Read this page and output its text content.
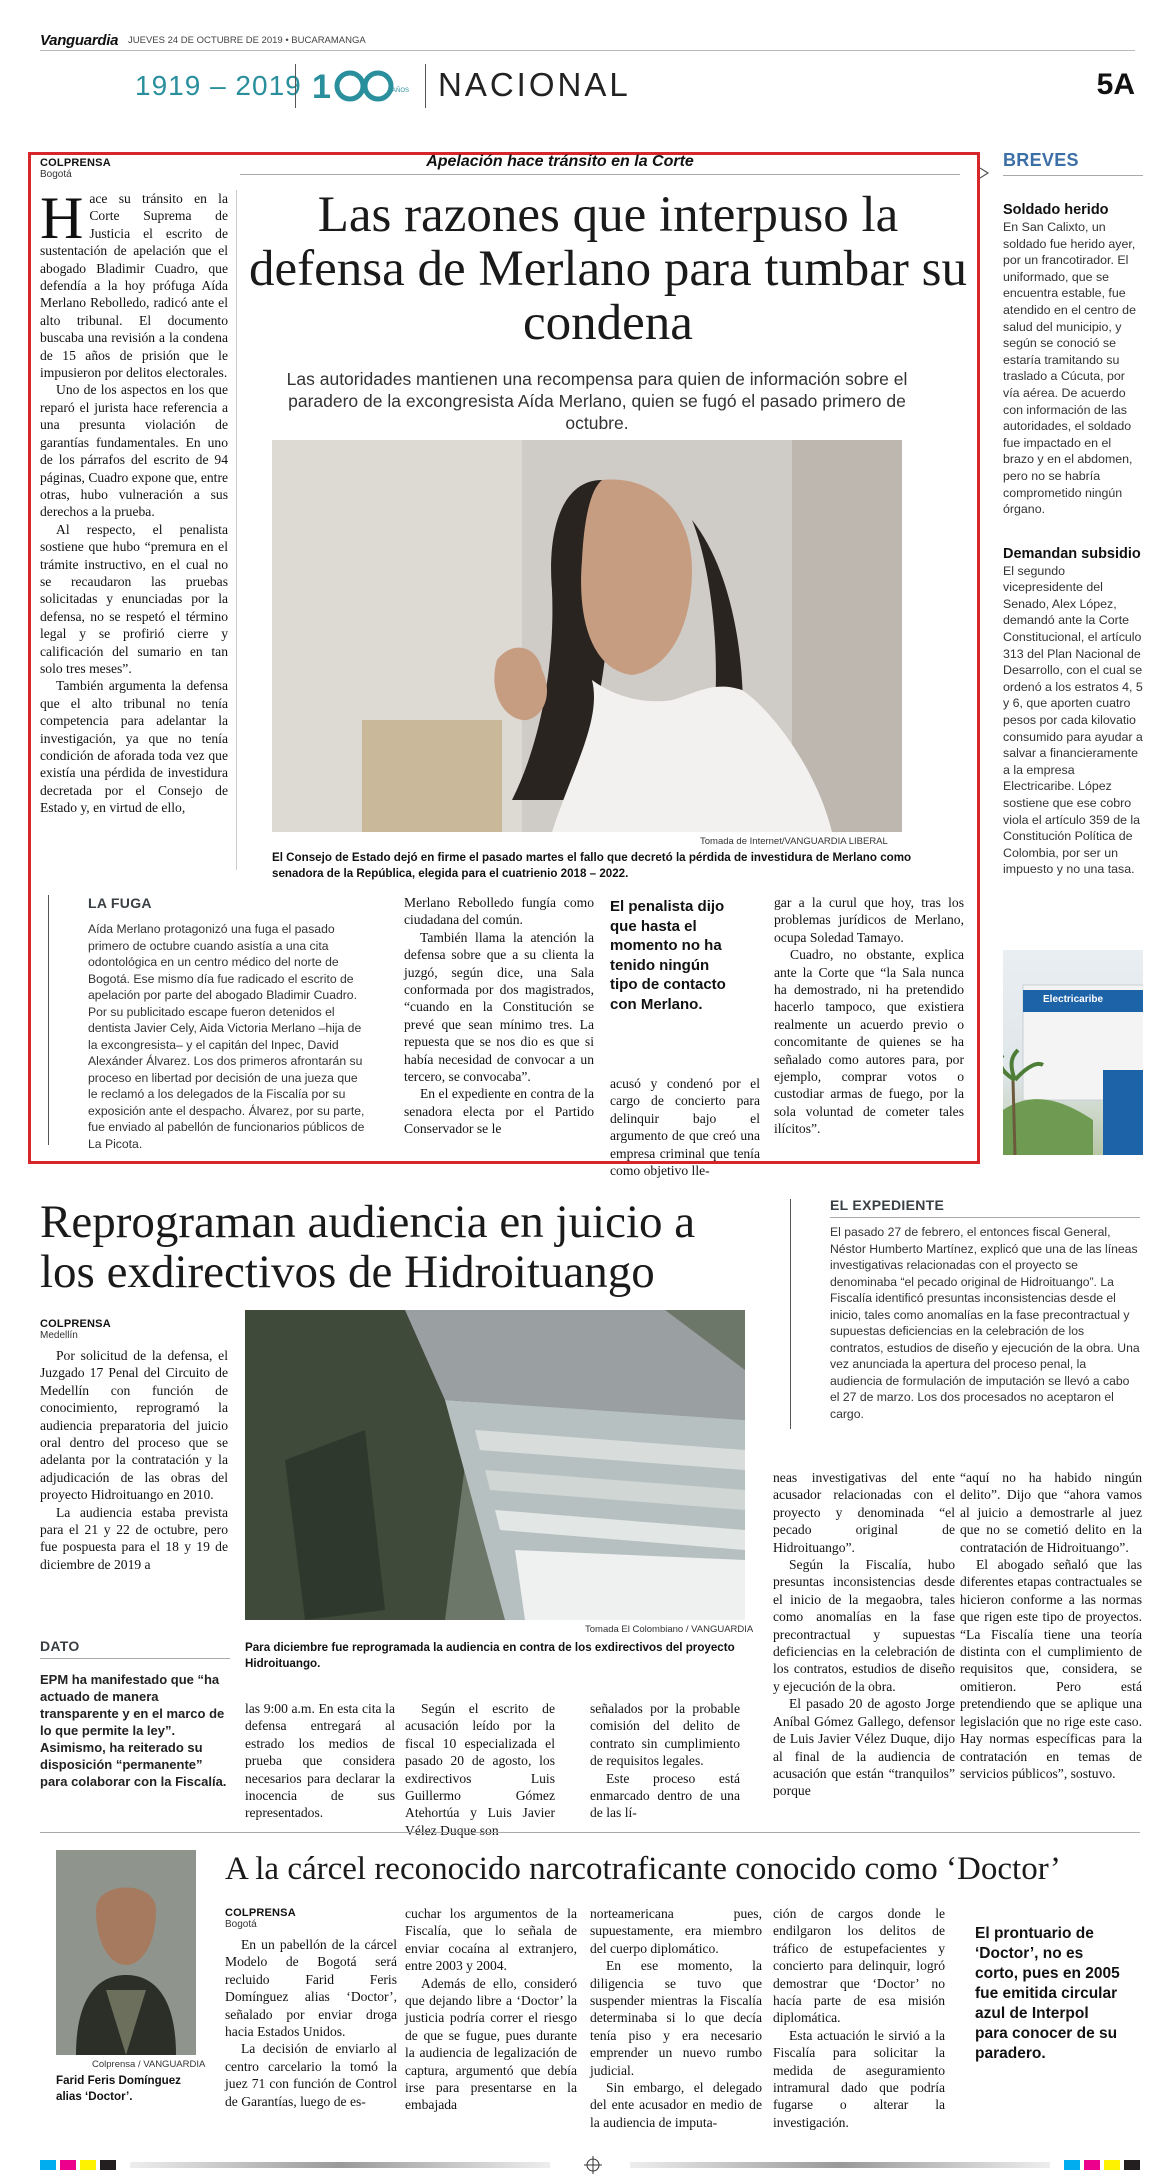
Vanguardia JUEVES 24 DE OCTUBRE DE 2019 • BUCARAMANGA
1919 – 2019 1	AÑOS NACIONAL	5A
COLPRENSA
Bogotá
Apelación hace tránsito en la Corte
Las razones que interpuso la defensa de Merlano para tumbar su condena
Las autoridades mantienen una recompensa para quien de información sobre el paradero de la excongresista Aída Merlano, quien se fugó el pasado primero de octubre.

Hace su tránsito en la Corte Suprema de Justicia el escrito de sustentación de apelación que el abogado Bladimir Cuadro, que defendía a la hoy prófuga Aída Merlano Rebolledo, radicó ante el alto tribunal. El documento buscaba una revisión a la condena de 15 años de prisión que le impusieron por delitos electorales.

Uno de los aspectos en los que reparó el jurista hace referencia a una presunta violación de garantías fundamentales. En uno de los párrafos del escrito de 94 páginas, Cuadro expone que, entre otras, hubo vulneración a sus derechos a la prueba.

Al respecto, el penalista sostiene que hubo “premura en el trámite instructivo, en el cual no se recaudaron las pruebas solicitadas y enunciadas por la defensa, no se respetó el término legal y se profirió cierre y calificación del sumario en tan solo tres meses”.

También argumenta la defensa que el alto tribunal no tenía competencia para adelantar la investigación, ya que no tenía condición de aforada toda vez que existía una pérdida de investidura decretada por el Consejo de Estado y, en virtud de ello,

Tomada de Internet/VANGUARDIA LIBERAL
El Consejo de Estado dejó en firme el pasado martes el fallo que decretó la pérdida de investidura de Merlano como senadora de la República, elegida para el cuatrienio 2018 – 2022.
LA FUGA
Aída Merlano protagonizó una fuga el pasado primero de octubre cuando asistía a una cita odontológica en un centro médico del norte de Bogotá. Ese mismo día fue radicado el escrito de apelación por parte del abogado Bladimir Cuadro.
Por su publicitado escape fueron detenidos el dentista Javier Cely, Aida Victoria Merlano –hija de la excongresista– y el capitán del Inpec, David Alexánder Álvarez. Los dos primeros afrontarán su proceso en libertad por decisión de una jueza que le reclamó a los delegados de la Fiscalía por su exposición ante el despacho. Álvarez, por su parte, fue enviado al pabellón de funcionarios públicos de La Picota.

Merlano Rebolledo fungía como ciudadana del común.

También llama la atención la defensa sobre que a su clienta la juzgó, según dice, una Sala conformada por dos magistrados, “cuando en la Constitución se prevé que sean mínimo tres. La repuesta que se nos dio es que si había necesidad de convocar a un tercero, se convocaba”.

En el expediente en contra de la senadora electa por el Partido Conservador se le

El penalista dijo que hasta el momento no ha tenido ningún tipo de contacto con Merlano.
acusó y condenó por el cargo de concierto para delinquir bajo el argumento de que creó una empresa criminal que tenía como objetivo lle-

gar a la curul que hoy, tras los problemas jurídicos de Merlano, ocupa Soledad Tamayo.

Cuadro, no obstante, explica ante la Corte que “la Sala nunca ha demostrado, ni ha pretendido hacerlo tampoco, que existiera realmente un acuerdo previo o concomitante de quienes se ha señalado como autores para, por ejemplo, comprar votos o custodiar armas de fuego, por la sola voluntad de cometer tales ilícitos”.

BREVES
Soldado herido
En San Calixto, un soldado fue herido ayer, por un francotirador. El uniformado, que se encuentra estable, fue atendido en el centro de salud del municipio, y según se conoció se estaría tramitando su traslado a Cúcuta, por vía aérea. De acuerdo con información de las autoridades, el soldado fue impactado en el brazo y en el abdomen, pero no se habría comprometido ningún órgano.
Demandan subsidio
El segundo vicepresidente del Senado, Alex López, demandó ante la Corte Constitucional, el artículo 313 del Plan Nacional de Desarrollo, con el cual se ordenó a los estratos 4, 5 y 6, que aporten cuatro pesos por cada kilovatio consumido para ayudar a salvar a financieramente a la empresa Electricaribe. López sostiene que ese cobro viola el artículo 359 de la Constitución Política de Colombia, por ser un impuesto y no una tasa.
Electricaribe
Reprograman audiencia en juicio a los exdirectivos de Hidroituango
COLPRENSA
Medellín

Por solicitud de la defensa, el Juzgado 17 Penal del Circuito de Medellín con función de conocimiento, reprogramó la audiencia preparatoria del juicio oral dentro del proceso que se adelanta por la contratación y la adjudicación de las obras del proyecto Hidroituango en 2010.

La audiencia estaba prevista para el 21 y 22 de octubre, pero fue pospuesta para el 18 y 19 de diciembre de 2019 a

DATO
EPM ha manifestado que “ha actuado de manera transparente y en el marco de lo que permite la ley”. Asimismo, ha reiterado su disposición “permanente” para colaborar con la Fiscalía.
Tomada El Colombiano / VANGUARDIA
Para diciembre fue reprogramada la audiencia en contra de los exdirectivos del proyecto Hidroituango.
EL EXPEDIENTE
El pasado 27 de febrero, el entonces fiscal General, Néstor Humberto Martínez, explicó que una de las líneas investigativas relacionadas con el proyecto se denominaba “el pecado original de Hidroituango”. La Fiscalía identificó presuntas inconsistencias desde el inicio, tales como anomalías en la fase precontractual y supuestas deficiencias en la celebración de los contratos, estudios de diseño y ejecución de la obra. Una vez anunciada la apertura del proceso penal, la audiencia de formulación de imputación se llevó a cabo el 27 de marzo. Los dos procesados no aceptaron el cargo.

las 9:00 a.m. En esta cita la defensa entregará al estrado los medios de prueba que considera necesarios para declarar la inocencia de sus representados.

Según el escrito de acusación leído por la fiscal 10 especializada el pasado 20 de agosto, los exdirectivos Luis Guillermo Gómez Atehortúa y Luis Javier Vélez Duque son

señalados por la probable comisión del delito de contrato sin cumplimiento de requisitos legales.

Este proceso está enmarcado dentro de una de las lí-

neas investigativas del ente acusador relacionadas con el proyecto y denominada “el pecado original de Hidroituango”.

Según la Fiscalía, hubo presuntas inconsistencias desde el inicio de la megaobra, tales como anomalías en la fase precontractual y supuestas deficiencias en la celebración de los contratos, estudios de diseño y ejecución de la obra.

El pasado 20 de agosto Jorge Aníbal Gómez Gallego, defensor de Luis Javier Vélez Duque, dijo al final de la audiencia de acusación que están “tranquilos” porque

“aquí no ha habido ningún delito”. Dijo que “ahora vamos al juicio a demostrarle al juez que no se cometió delito en la contratación de Hidroituango”.

El abogado señaló que las diferentes etapas contractuales se hicieron conforme a las normas que rigen este tipo de proyectos. “La Fiscalía tiene una teoría distinta con el cumplimiento de requisitos que, considera, se omitieron. Pero está pretendiendo que se aplique una legislación que no rige este caso. Hay normas específicas para la contratación en temas de servicios públicos”, sostuvo.

Colprensa / VANGUARDIA
Farid Feris Domínguez alias ‘Doctor’.
A la cárcel reconocido narcotraficante conocido como ‘Doctor’
COLPRENSA
Bogotá

En un pabellón de la cárcel Modelo de Bogotá será recluido Farid Feris Domínguez alias ‘Doctor’, señalado por enviar droga hacia Estados Unidos.

La decisión de enviarlo al centro carcelario la tomó la juez 71 con función de Control de Garantías, luego de es-

cuchar los argumentos de la Fiscalía, que lo señala de enviar cocaína al extranjero, entre 2003 y 2004.

Además de ello, consideró que dejando libre a ‘Doctor’ la justicia podría correr el riesgo de que se fugue, pues durante la audiencia de legalización de captura, argumentó que debía irse para presentarse en la embajada

norteamericana pues, supuestamente, era miembro del cuerpo diplomático.

En ese momento, la diligencia se tuvo que suspender mientras la Fiscalía determinaba si lo que decía tenía piso y era necesario emprender un nuevo rumbo judicial.

Sin embargo, el delegado del ente acusador en medio de la audiencia de imputa-

ción de cargos donde le endilgaron los delitos de tráfico de estupefacientes y concierto para delinquir, logró demostrar que ‘Doctor’ no hacía parte de esa misión diplomática.

Esta actuación le sirvió a la Fiscalía para solicitar la medida de aseguramiento intramural dado que podría fugarse o alterar la investigación.

El prontuario de ‘Doctor’, no es corto, pues en 2005 fue emitida circular azul de Interpol para conocer de su paradero.
